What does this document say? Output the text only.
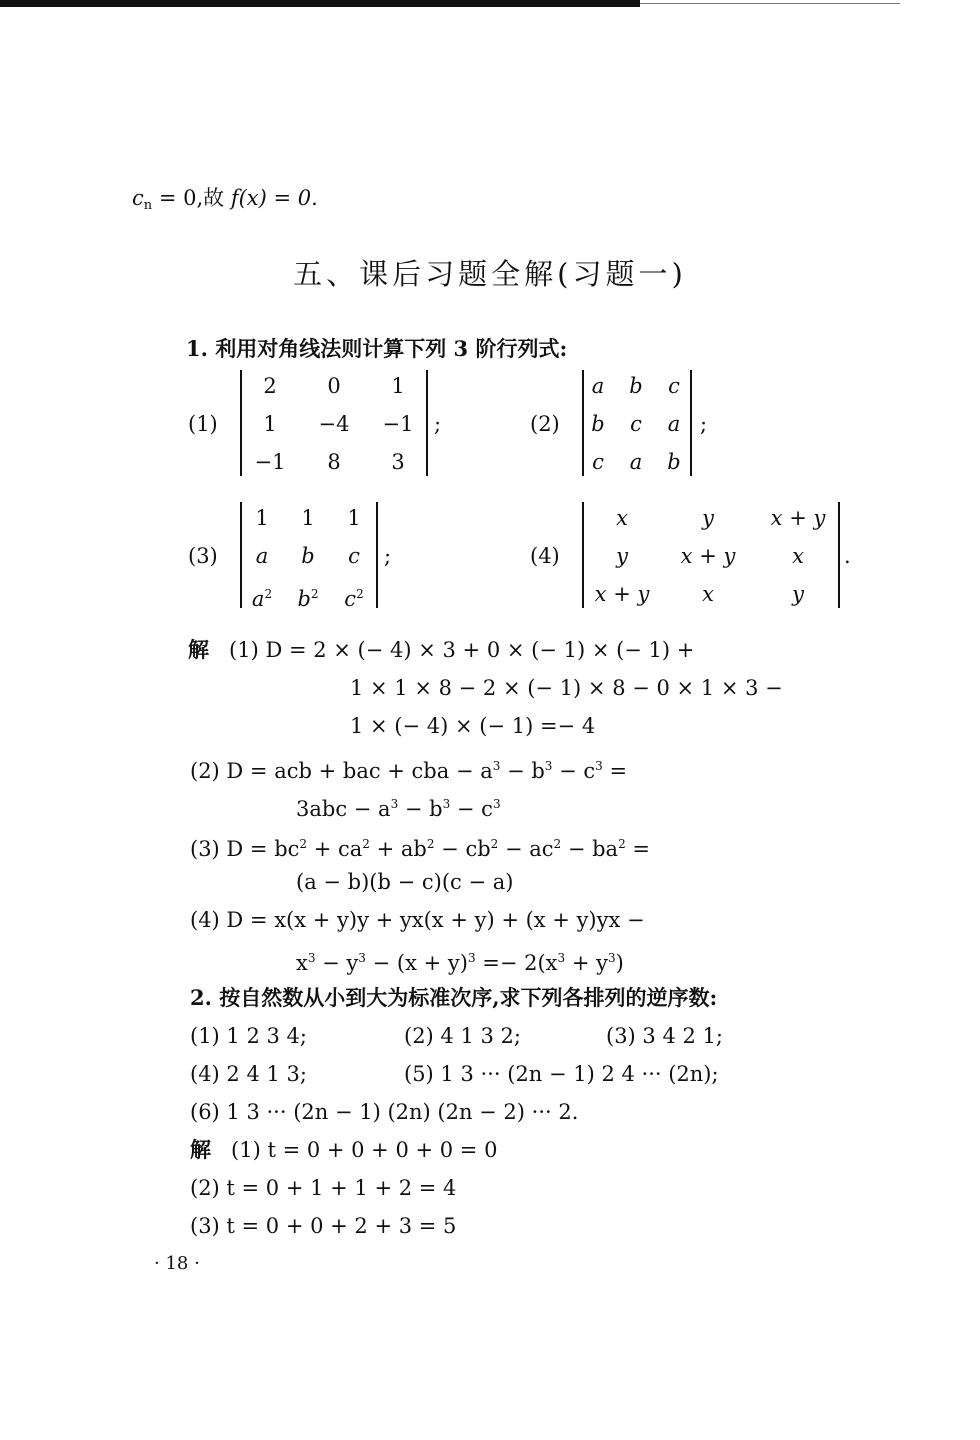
$c_n = 0$,故 f(x) = 0.
五、课后习题全解(习题一)
1. 利用对角线法则计算下列 3 阶行列式:
(1)
2	0	1
1	−4	−1
−1	8	3
;	(2)
a	b	c
b	c	a
c	a	b
;
(3)
1	1	1
a	b	c
$a^2$	$b^2$	$c^2$
;	(4)
x	y	x + y
y	x + y	x
x + y	x	y
.
解 (1) D = 2 × (− 4) × 3 + 0 × (− 1) × (− 1) +
1 × 1 × 8 − 2 × (− 1) × 8 − 0 × 1 × 3 −
1 × (− 4) × (− 1) =− 4
(2) D = acb + bac + cba − $a^3 - b^3 - c^3$ =
$3abc - a^3 - b^3 - c^3$
(3) $D = bc^2 + ca^2 + ab^2 - cb^2 - ac^2 - ba^2$ =
(a − b)(b − c)(c − a)
(4) D = x(x + y)y + yx(x + y) + (x + y)yx −
$x^3 - y^3 - (x + y)^3 =- 2(x^3 + y^3)$
2. 按自然数从小到大为标准次序,求下列各排列的逆序数:
(1) 1 2 3 4;	(2) 4 1 3 2;	(3) 3 4 2 1;
(4) 2 4 1 3;	(5) 1 3 ··· (2n − 1) 2 4 ··· (2n);
(6) 1 3 ··· (2n − 1) (2n) (2n − 2) ··· 2.
解 (1) t = 0 + 0 + 0 + 0 = 0
(2) t = 0 + 1 + 1 + 2 = 4
(3) t = 0 + 0 + 2 + 3 = 5
· 18 ·
